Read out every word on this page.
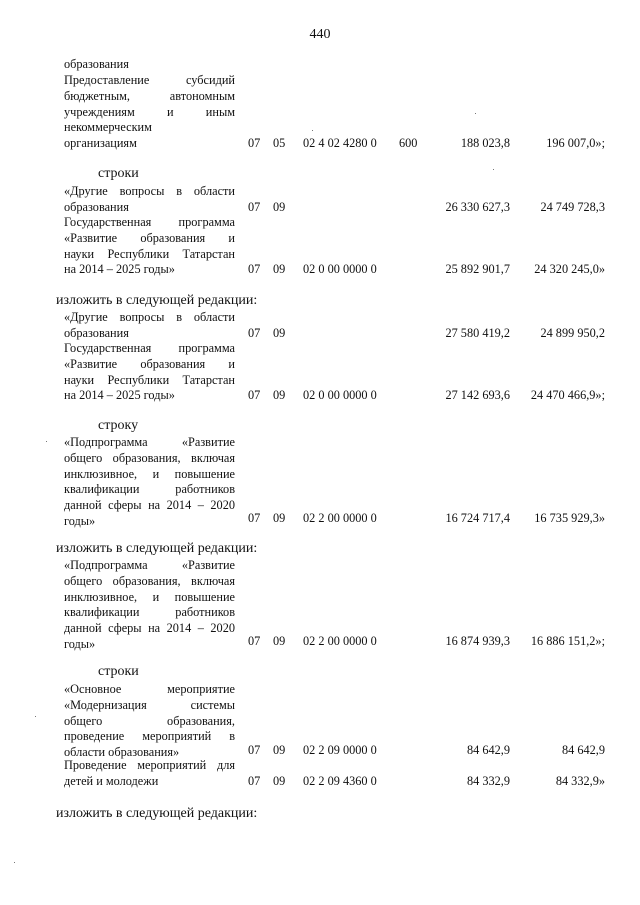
440
образования
Предоставление субсидий
бюджетным, автономным
учреждениям и иным
некоммерческим
организациям	07 05 02 4 02 4280 0 600	188 023,8	196 007,0»;
строки
«Другие вопросы в области
образования	07 09	26 330 627,3 24 749 728,3
Государственная программа
«Развитие образования и
науки Республики Татарстан
на 2014 – 2025 годы»	07 09 02 0 00 0000 0	25 892 901,7 24 320 245,0»
изложить в следующей редакции:
«Другие вопросы в области
образования	07 09	27 580 419,2 24 899 950,2
Государственная программа
«Развитие образования и
науки Республики Татарстан
на 2014 – 2025 годы»	07 09 02 0 00 0000 0	27 142 693,6 24 470 466,9»;
строку
«Подпрограмма «Развитие
общего образования, включая
инклюзивное, и повышение
квалификации работников
данной сферы на 2014 – 2020
годы»	07 09 02 2 00 0000 0	16 724 717,4 16 735 929,3»
изложить в следующей редакции:
«Подпрограмма «Развитие
общего образования, включая
инклюзивное, и повышение
квалификации работников
данной сферы на 2014 – 2020
годы»	07 09 02 2 00 0000 0	16 874 939,3 16 886 151,2»;
строки
«Основное мероприятие
«Модернизация системы
общего образования,
проведение мероприятий в
области образования»	07 09 02 2 09 0000 0	84 642,9	84 642,9
Проведение мероприятий для
детей и молодежи	07 09 02 2 09 4360 0	84 332,9	84 332,9»
изложить в следующей редакции:
